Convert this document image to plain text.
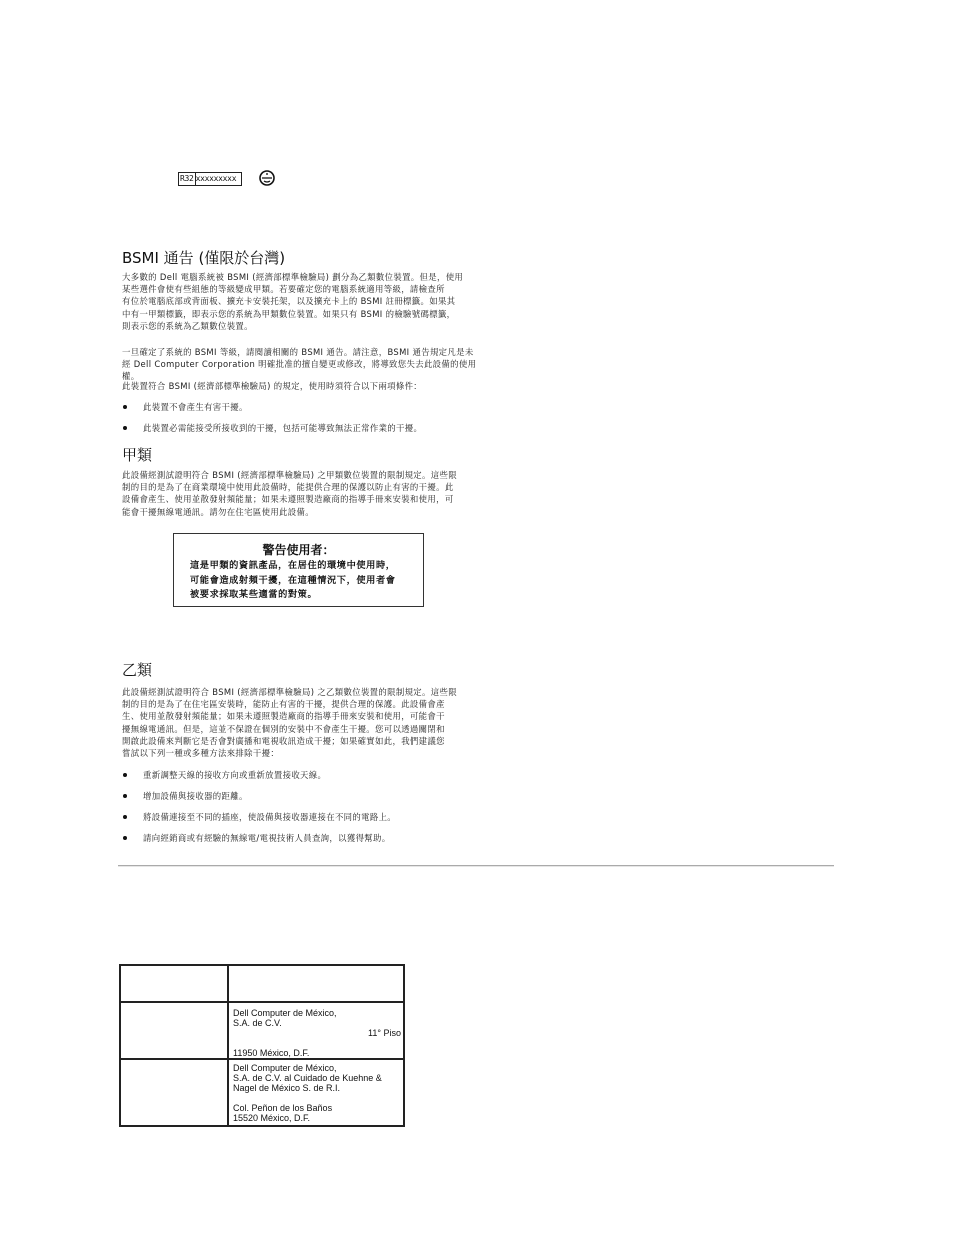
R32 xxxxxxxxx
BSMI 通告 (僅限於台灣)

大多數的 Dell 電腦系統被 BSMI (經濟部標準檢驗局) 劃分為乙類數位裝置。但是，使用

某些選件會使有些組態的等級變成甲類。若要確定您的電腦系統適用等級，請檢查所

有位於電腦底部或背面板、擴充卡安裝托架，以及擴充卡上的 BSMI 註冊標籤。如果其

中有一甲類標籤，即表示您的系統為甲類數位裝置。如果只有 BSMI 的檢驗號碼標籤，

則表示您的系統為乙類數位裝置。

一旦確定了系統的 BSMI 等級，請閱讀相關的 BSMI 通告。請注意，BSMI 通告規定凡是未

經 Dell Computer Corporation 明確批准的擅自變更或修改，將導致您失去此設備的使用權。

此裝置符合 BSMI (經濟部標準檢驗局) 的規定，使用時須符合以下兩項條件：

此裝置不會產生有害干擾。
此裝置必需能接受所接收到的干擾，包括可能導致無法正常作業的干擾。
甲類

此設備經測試證明符合 BSMI (經濟部標準檢驗局) 之甲類數位裝置的限制規定。這些限

制的目的是為了在商業環境中使用此設備時，能提供合理的保護以防止有害的干擾。此

設備會產生、使用並散發射頻能量；如果未遵照製造廠商的指導手冊來安裝和使用，可

能會干擾無線電通訊。請勿在住宅區使用此設備。

警告使用者：
這是甲類的資訊產品，在居住的環境中使用時，
可能會造成射頻干擾，在這種情況下，使用者會
被要求採取某些適當的對策。
乙類

此設備經測試證明符合 BSMI (經濟部標準檢驗局) 之乙類數位裝置的限制規定。這些限

制的目的是為了在住宅區安裝時，能防止有害的干擾，提供合理的保護。此設備會產

生、使用並散發射頻能量；如果未遵照製造廠商的指導手冊來安裝和使用，可能會干

擾無線電通訊。但是，這並不保證在個別的安裝中不會產生干擾。您可以透過關閉和

開啟此設備來判斷它是否會對廣播和電視收訊造成干擾；如果確實如此，我們建議您

嘗試以下列一種或多種方法來排除干擾：

重新調整天線的接收方向或重新放置接收天線。
增加設備與接收器的距離。
將設備連接至不同的插座，使設備與接收器連接在不同的電路上。
請向經銷商或有經驗的無線電/電視技術人員查詢，以獲得幫助。

	Dell Computer de México,
S.A. de C.V.
11° Piso
11950 México, D.F.

	Dell Computer de México,
S.A. de C.V. al Cuidado de Kuehne &
Nagel de México S. de R.I.
Col. Peñon de los Baños
15520 México, D.F.
